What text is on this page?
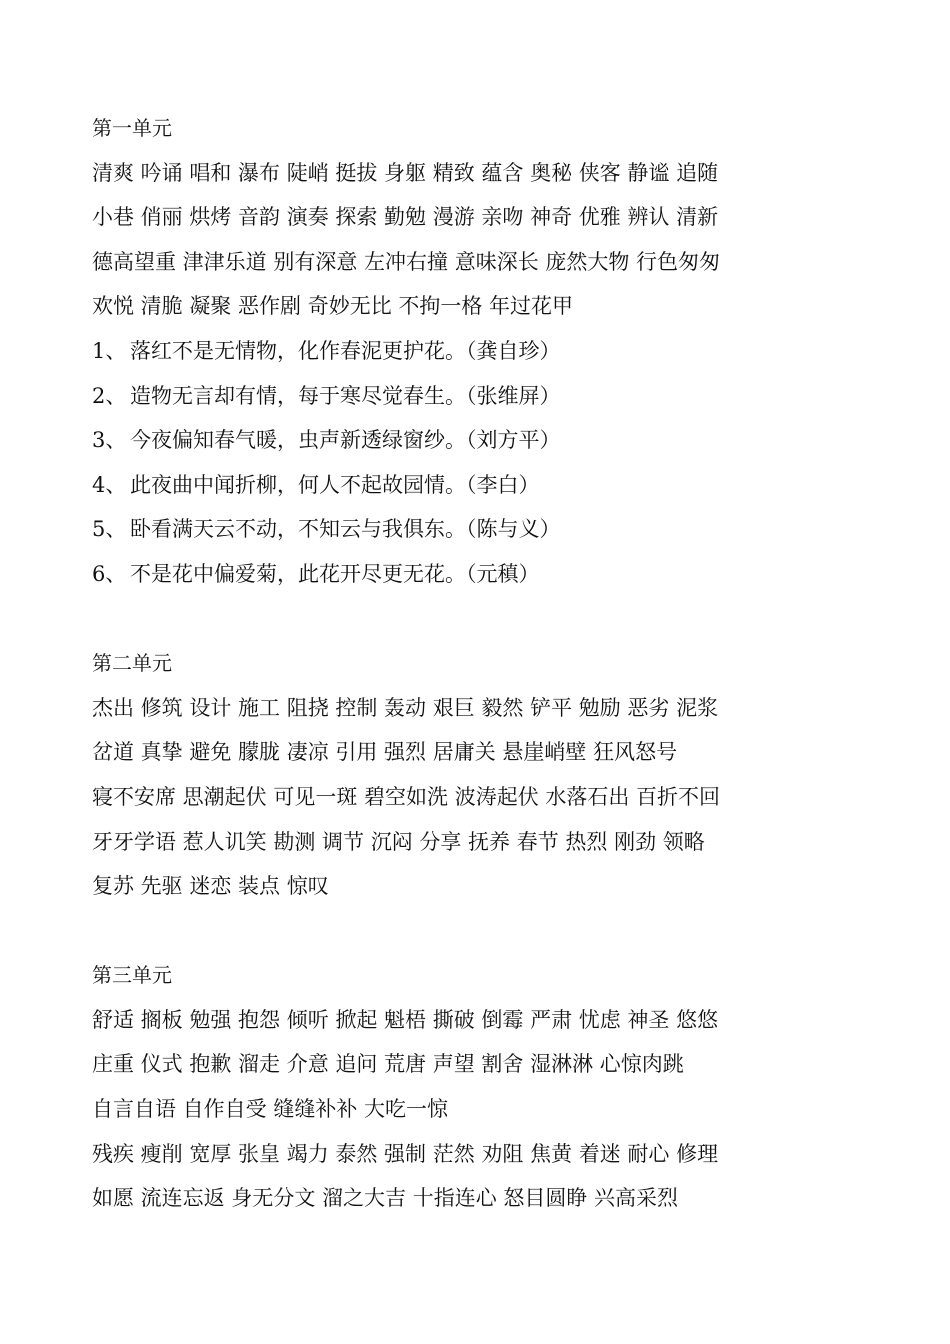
第一单元
清爽 吟诵 唱和 瀑布 陡峭 挺拔 身躯 精致 蕴含 奥秘 侠客 静谧 追随
小巷 俏丽 烘烤 音韵 演奏 探索 勤勉 漫游 亲吻 神奇 优雅 辨认 清新
德高望重 津津乐道 别有深意 左冲右撞 意味深长 庞然大物 行色匆匆
欢悦 清脆 凝聚 恶作剧 奇妙无比 不拘一格 年过花甲
1、 落红不是无情物，化作春泥更护花。（龚自珍）
2、 造物无言却有情，每于寒尽觉春生。（张维屏）
3、 今夜偏知春气暖，虫声新透绿窗纱。（刘方平）
4、 此夜曲中闻折柳，何人不起故园情。（李白）
5、 卧看满天云不动，不知云与我俱东。（陈与义）
6、 不是花中偏爱菊，此花开尽更无花。（元稹）
第二单元
杰出 修筑 设计 施工 阻挠 控制 轰动 艰巨 毅然 铲平 勉励 恶劣 泥浆
岔道 真挚 避免 朦胧 凄凉 引用 强烈 居庸关 悬崖峭壁 狂风怒号
寝不安席 思潮起伏 可见一斑 碧空如洗 波涛起伏 水落石出 百折不回
牙牙学语 惹人讥笑 勘测 调节 沉闷 分享 抚养 春节 热烈 刚劲 领略
复苏 先驱 迷恋 装点 惊叹
第三单元
舒适 搁板 勉强 抱怨 倾听 掀起 魁梧 撕破 倒霉 严肃 忧虑 神圣 悠悠
庄重 仪式 抱歉 溜走 介意 追问 荒唐 声望 割舍 湿淋淋 心惊肉跳
自言自语 自作自受 缝缝补补 大吃一惊
残疾 瘦削 宽厚 张皇 竭力 泰然 强制 茫然 劝阻 焦黄 着迷 耐心 修理
如愿 流连忘返 身无分文 溜之大吉 十指连心 怒目圆睁 兴高采烈
